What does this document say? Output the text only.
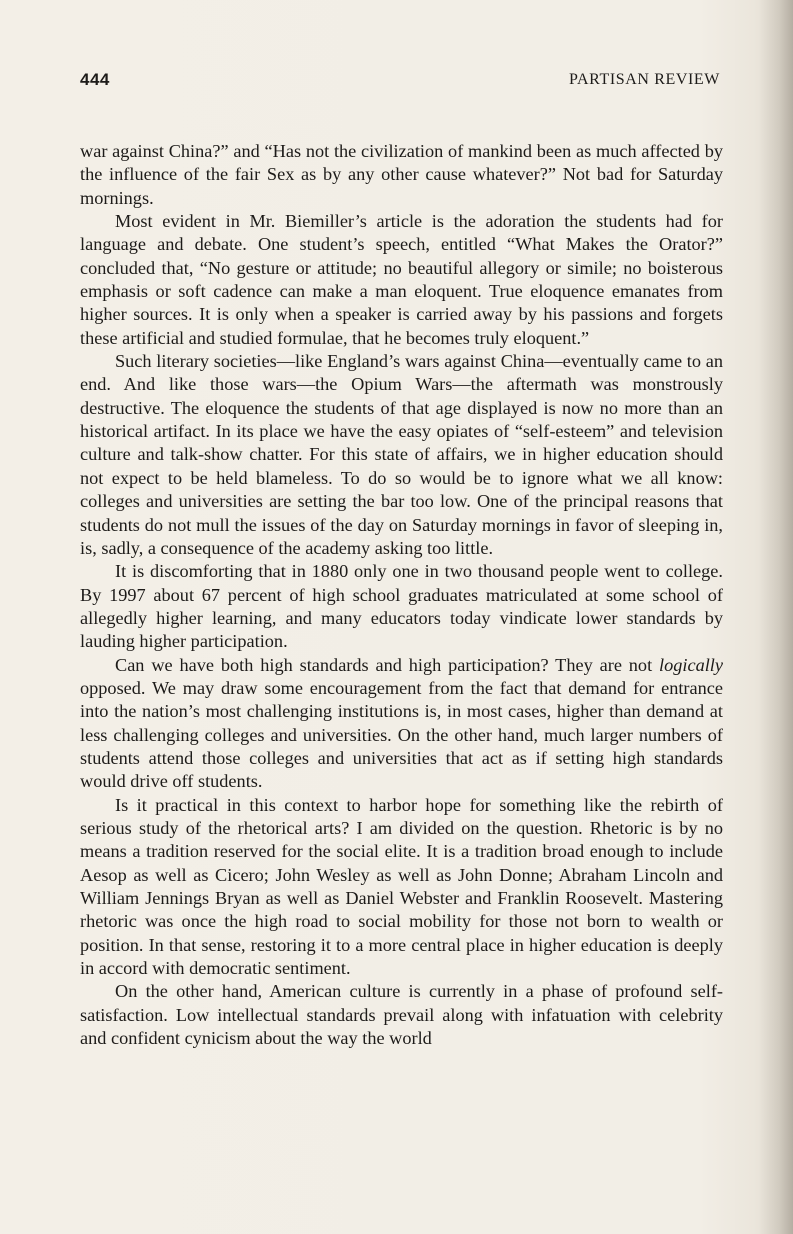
444	PARTISAN REVIEW

war against China?” and “Has not the civilization of mankind been as much affected by the influence of the fair Sex as by any other cause whatever?” Not bad for Saturday mornings.

Most evident in Mr. Biemiller’s article is the adoration the students had for language and debate. One student’s speech, entitled “What Makes the Orator?” concluded that, “No gesture or attitude; no beautiful allegory or simile; no boisterous emphasis or soft cadence can make a man eloquent. True eloquence emanates from higher sources. It is only when a speaker is carried away by his passions and forgets these artificial and studied formulae, that he becomes truly eloquent.”

Such literary societies—like England’s wars against China—eventually came to an end. And like those wars—the Opium Wars—the aftermath was monstrously destructive. The eloquence the students of that age displayed is now no more than an historical artifact. In its place we have the easy opiates of “self-esteem” and television culture and talk-show chatter. For this state of affairs, we in higher education should not expect to be held blameless. To do so would be to ignore what we all know: colleges and universities are setting the bar too low. One of the principal reasons that students do not mull the issues of the day on Saturday mornings in favor of sleeping in, is, sadly, a consequence of the academy asking too little.

It is discomforting that in 1880 only one in two thousand people went to college. By 1997 about 67 percent of high school graduates matriculated at some school of allegedly higher learning, and many educators today vindicate lower standards by lauding higher participation.

Can we have both high standards and high participation? They are not logically opposed. We may draw some encouragement from the fact that demand for entrance into the nation’s most challenging institutions is, in most cases, higher than demand at less challenging colleges and universities. On the other hand, much larger numbers of students attend those colleges and universities that act as if setting high standards would drive off students.

Is it practical in this context to harbor hope for something like the rebirth of serious study of the rhetorical arts? I am divided on the question. Rhetoric is by no means a tradition reserved for the social elite. It is a tradition broad enough to include Aesop as well as Cicero; John Wesley as well as John Donne; Abraham Lincoln and William Jennings Bryan as well as Daniel Webster and Franklin Roosevelt. Mastering rhetoric was once the high road to social mobility for those not born to wealth or position. In that sense, restoring it to a more central place in higher education is deeply in accord with democratic sentiment.

On the other hand, American culture is currently in a phase of profound self-satisfaction. Low intellectual standards prevail along with infatuation with celebrity and confident cynicism about the way the world
